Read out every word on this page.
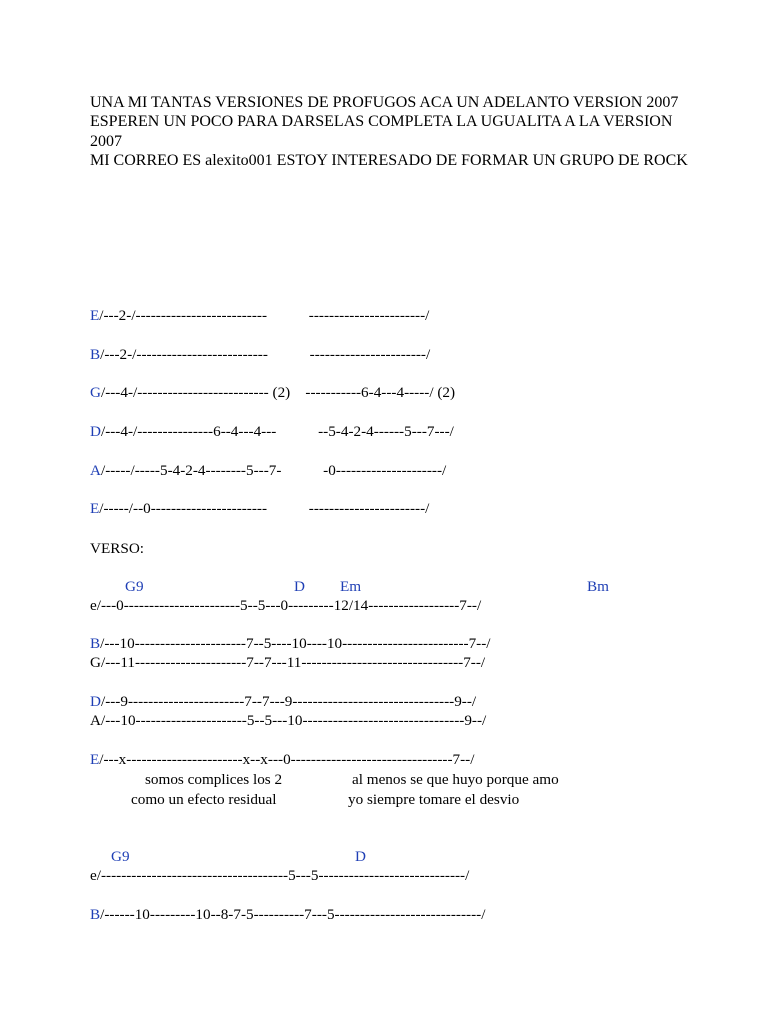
UNA MI TANTAS VERSIONES DE PROFUGOS ACA UN ADELANTO VERSION 2007
ESPEREN UN POCO PARA DARSELAS COMPLETA LA UGUALITA A LA VERSION 2007
MI CORREO ES alexito001 ESTOY INTERESADO DE FORMAR UN GRUPO DE ROCK
E/---2-/--------------------------           -----------------------/
B/---2-/--------------------------           -----------------------/
G/---4-/-------------------------- (2)    -----------6-4---4-----/ (2)
D/---4-/---------------6--4---4---           --5-4-2-4------5---7---/
A/-----/-----5-4-2-4--------5---7-           -0---------------------/
E/-----/--0-----------------------           -----------------------/
VERSO:
G9	D Em	Bm
e/---0-----------------------5--5---0---------12/14------------------7--/
B/---10----------------------7--5----10----10-------------------------7--/
G/---11----------------------7--7---11--------------------------------7--/
D/---9-----------------------7--7---9--------------------------------9--/
A/---10----------------------5--5---10--------------------------------9--/
E/---x-----------------------x--x---0--------------------------------7--/
somos complices los 2	al menos se que huyo porque amo
como un efecto residual	yo siempre tomare el desvio
G9	D
e/-------------------------------------5---5-----------------------------/
B/------10---------10--8-7-5----------7---5-----------------------------/
